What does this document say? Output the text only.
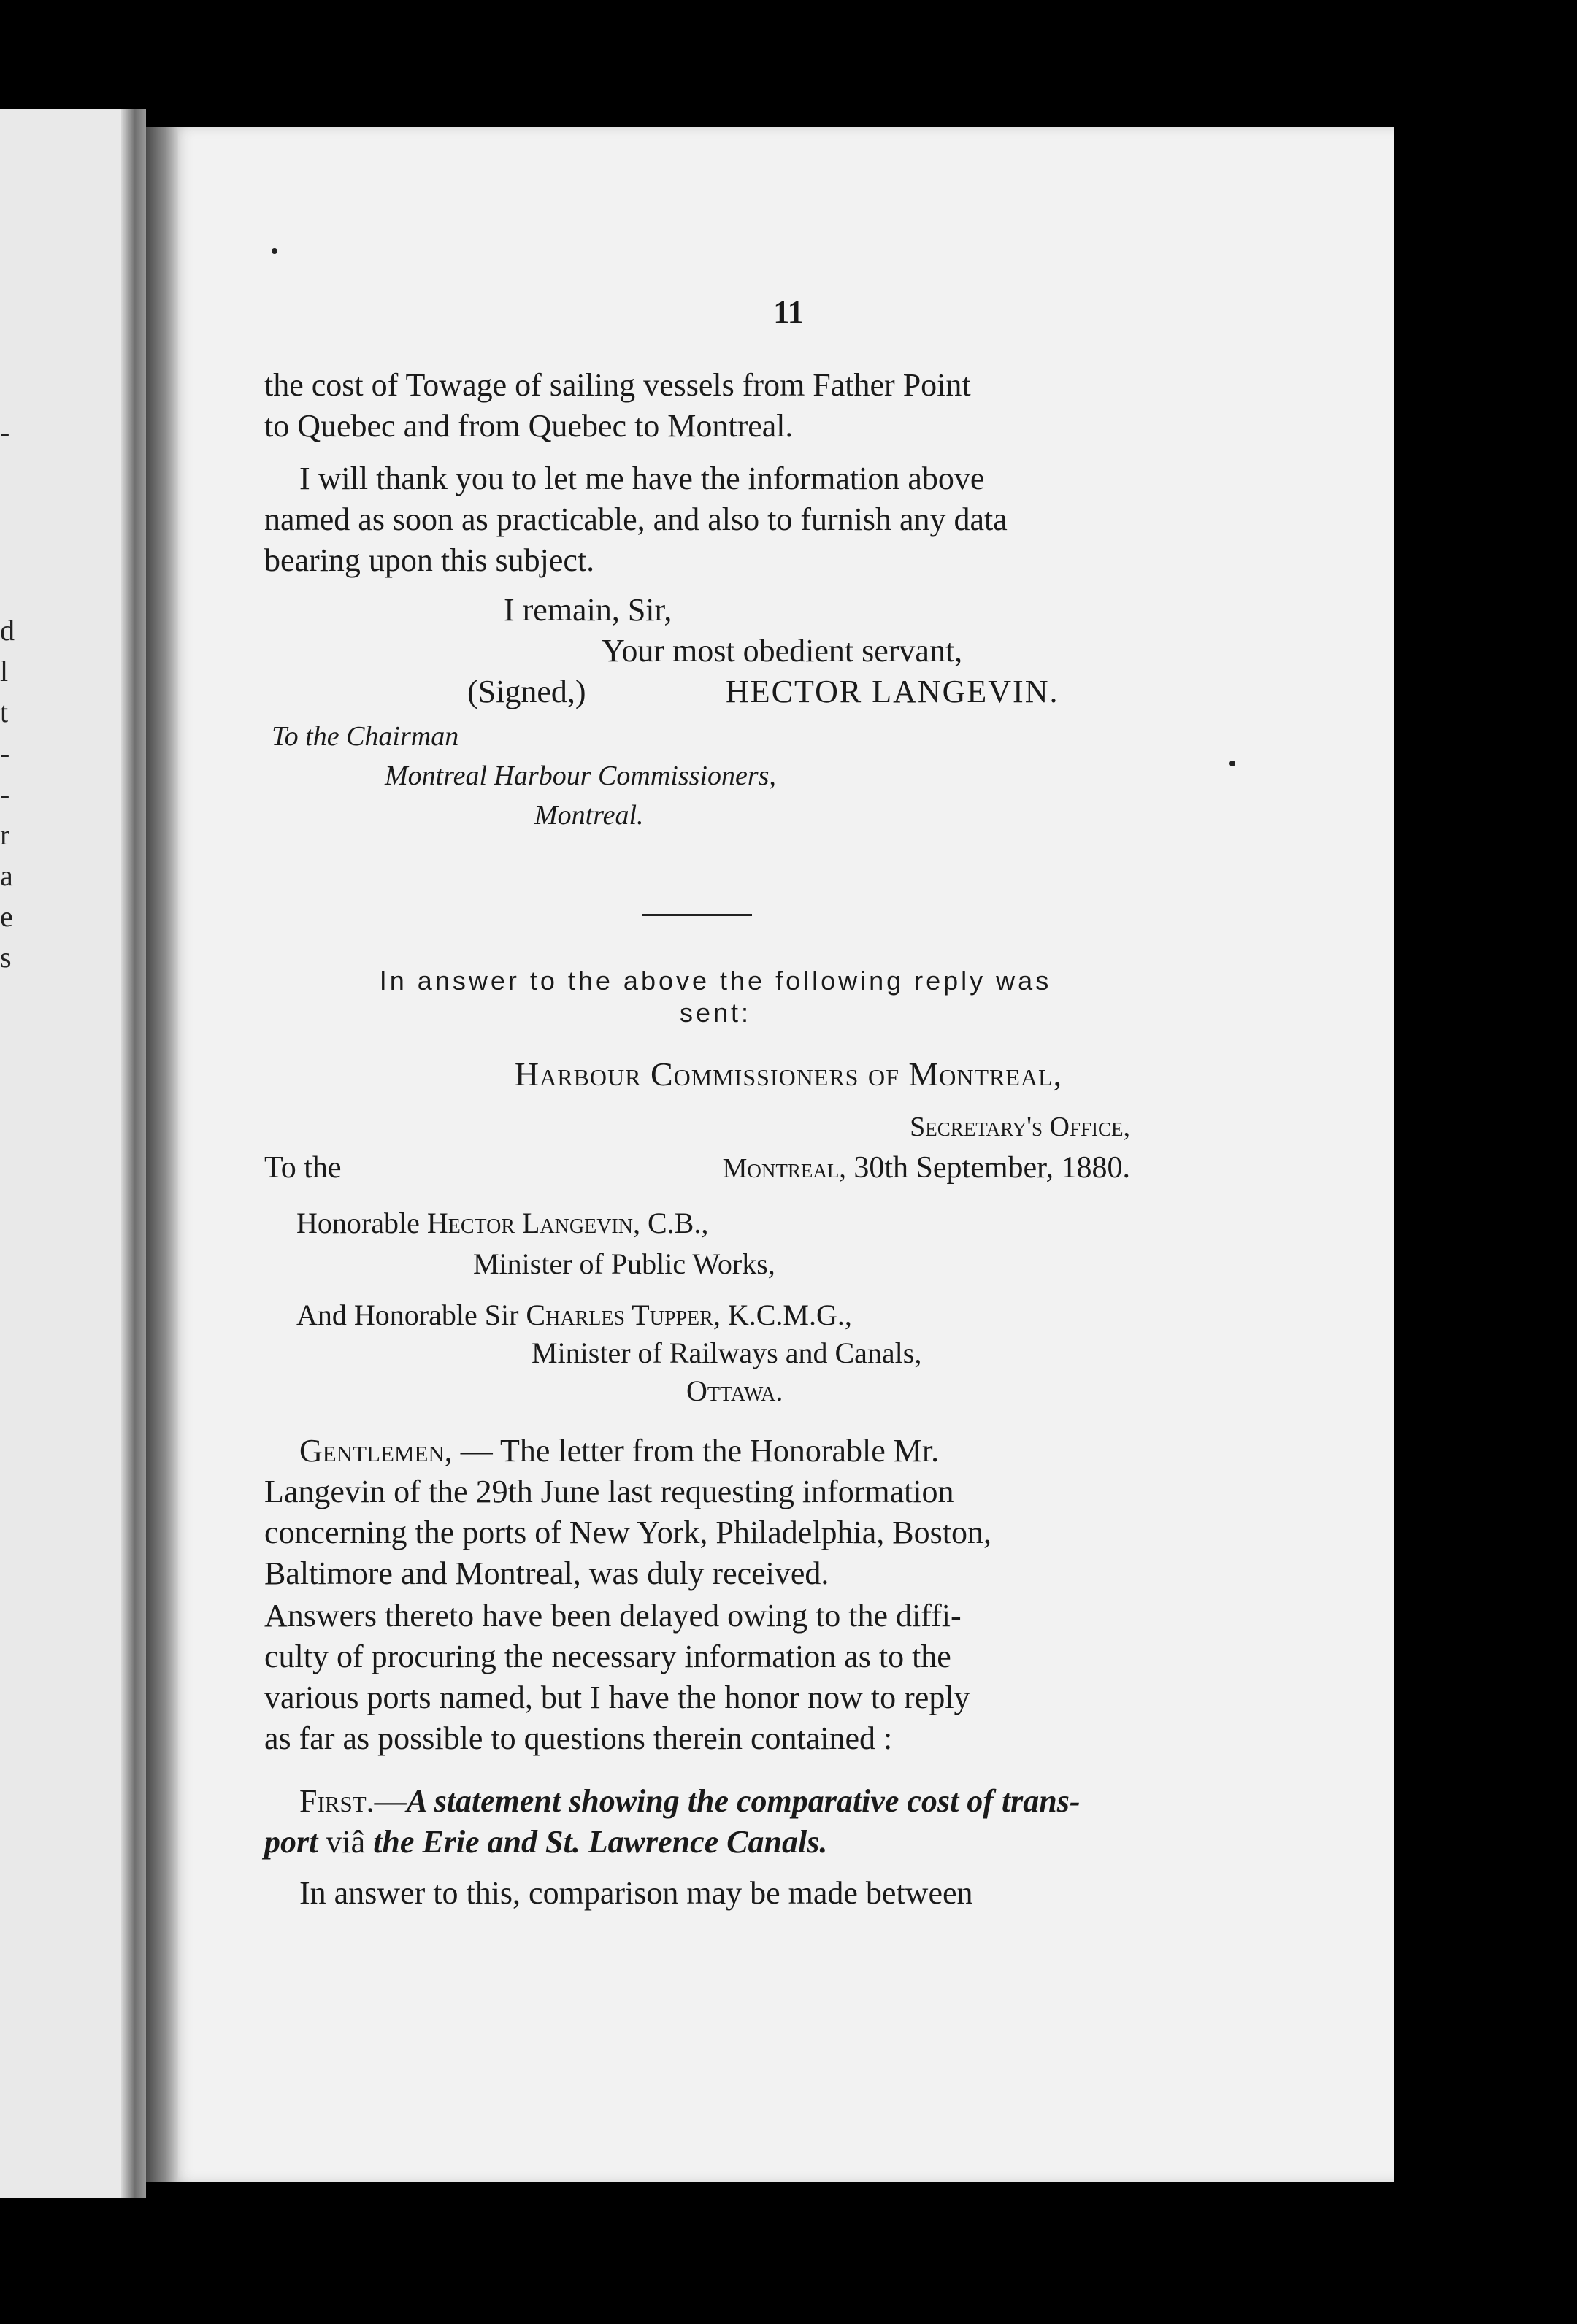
-
d
l
t
-
-
r
a
e
s
11

the cost of Towage of sailing vessels from Father Point

to Quebec and from Quebec to Montreal.

I will thank you to let me have the information above

named as soon as practicable, and also to furnish any data

bearing upon this subject.

I remain, Sir,
Your most obedient servant,
(Signed,)	HECTOR LANGEVIN.
To the Chairman
Montreal Harbour Commissioners,
Montreal.

In answer to the above the following reply was

sent:

Harbour Commissioners of Montreal,
Secretary's Office,
To the	Montreal, 30th September, 1880.
Honorable Hector Langevin, C.B.,
Minister of Public Works,
And Honorable Sir Charles Tupper, K.C.M.G.,
Minister of Railways and Canals,
Ottawa.

Gentlemen, — The letter from the Honorable Mr.

Langevin of the 29th June last requesting information

concerning the ports of New York, Philadelphia, Boston,

Baltimore and Montreal, was duly received.

Answers thereto have been delayed owing to the diffi-

culty of procuring the necessary information as to the

various ports named, but I have the honor now to reply

as far as possible to questions therein contained :

First.—A statement showing the comparative cost of trans-

port viâ the Erie and St. Lawrence Canals.

In answer to this, comparison may be made between
